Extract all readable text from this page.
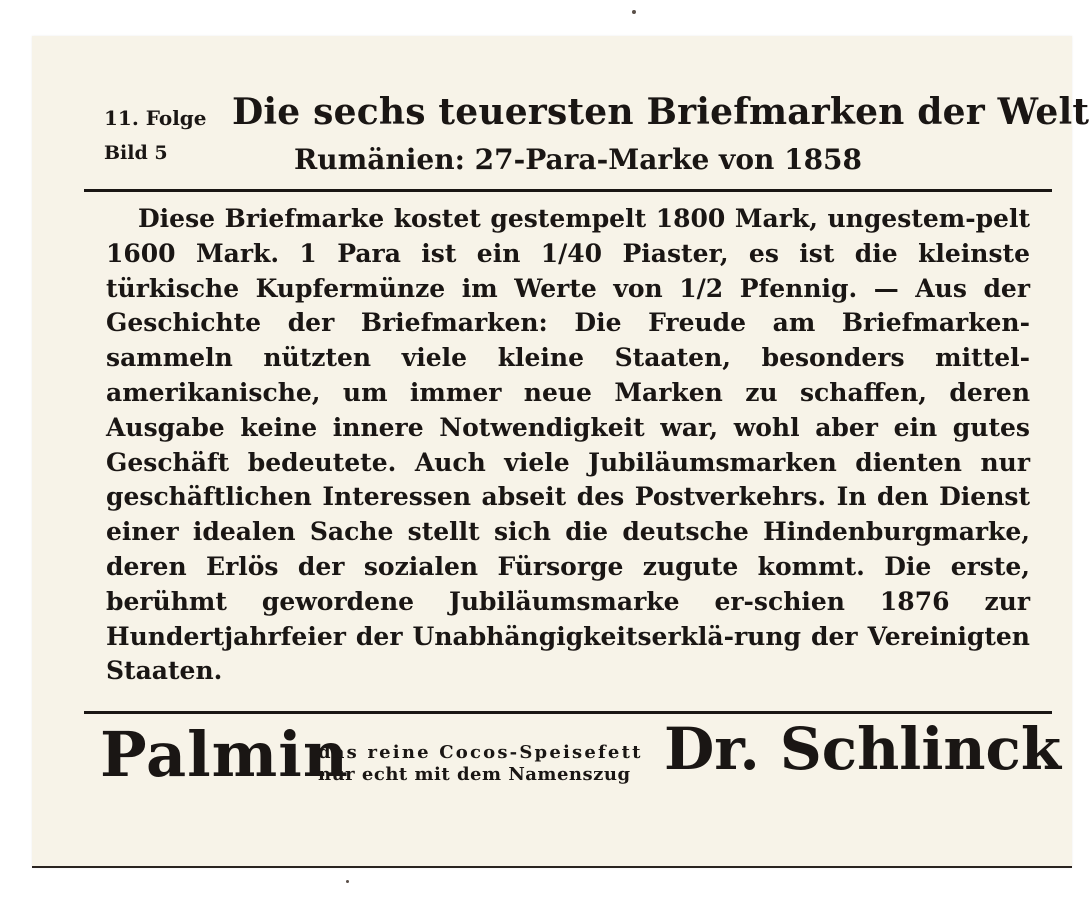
11. Folge
Bild 5
Die sechs teuersten Briefmarken der Welt
Rumänien: 27-Para-Marke von 1858
Diese Briefmarke kostet gestempelt 1800 Mark, ungestem-pelt 1600 Mark. 1 Para ist ein 1/40 Piaster, es ist die kleinste türkische Kupfermünze im Werte von 1/2 Pfennig. — Aus der Geschichte der Briefmarken: Die Freude am Briefmarken-sammeln nützten viele kleine Staaten, besonders mittel-amerikanische, um immer neue Marken zu schaffen, deren Ausgabe keine innere Notwendigkeit war, wohl aber ein gutes Geschäft bedeutete. Auch viele Jubiläumsmarken dienten nur geschäftlichen Interessen abseit des Postverkehrs. In den Dienst einer idealen Sache stellt sich die deutsche Hindenburgmarke, deren Erlös der sozialen Fürsorge zugute kommt. Die erste, berühmt gewordene Jubiläumsmarke er-schien 1876 zur Hundertjahrfeier der Unabhängigkeitserklä-rung der Vereinigten Staaten.
Palmin
das reine Cocos-Speisefett
nur echt mit dem Namenszug Dr. Schlinck
